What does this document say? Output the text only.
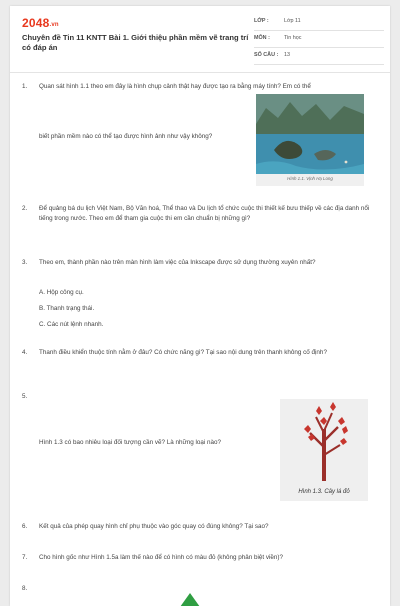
2048.vn
Chuyên đề Tin 11 KNTT Bài 1. Giới thiệu phần mềm vẽ trang trí có đáp án
LỚP :	Lớp 11
MÔN :	Tin học
SỐ CÂU : 13
1. Quan sát hình 1.1 theo em đây là hình chụp cảnh thật hay được tạo ra bằng máy tính? Em có thể
biết phần mềm nào có thể tạo được hình ảnh như vậy không?
Hình 1.1. Vịnh Hạ Long
2. Để quảng bá du lịch Việt Nam, Bộ Văn hoá, Thể thao và Du lịch tổ chức cuộc thi thiết kế bưu thiếp về các địa danh nổi tiếng trong nước. Theo em để tham gia cuộc thi em cần chuẩn bị những gì?
3. Theo em, thành phần nào trên màn hình làm việc của Inkscape được sử dụng thường xuyên nhất?
A. Hộp công cụ.
B. Thanh trạng thái.
C. Các nút lệnh nhanh.
4. Thanh điều khiển thuộc tính nằm ở đâu? Có chức năng gì? Tại sao nội dung trên thanh không cố định?
5.
Hình 1.3 có bao nhiêu loại đối tượng cần vẽ? Là những loại nào?
Hình 1.3. Cây lá đỏ
6. Kết quả của phép quay hình chỉ phụ thuộc vào góc quay có đúng không? Tại sao?
7. Cho hình gốc như Hình 1.5a làm thế nào để có hình có màu đỏ (không phân biệt viền)?
8.
